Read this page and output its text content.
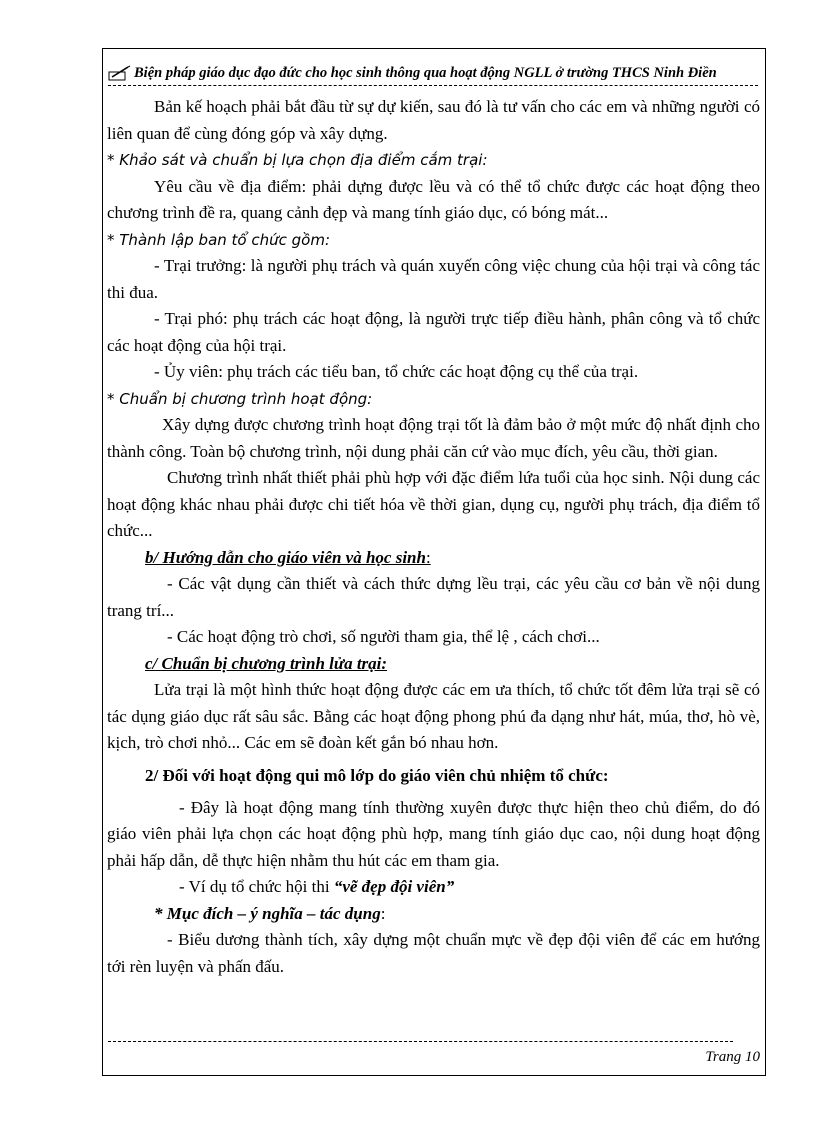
Biện pháp giáo dục đạo đức cho học sinh thông qua hoạt động NGLL ở trường THCS Ninh Điền

Bản kế hoạch phải bắt đầu từ sự dự kiến, sau đó là tư vấn cho các em và những người có liên quan để cùng đóng góp và xây dựng.

* Khảo sát và chuẩn bị lựa chọn địa điểm cắm trại:

Yêu cầu về địa điểm: phải dựng được lều và có thể tổ chức được các hoạt động theo chương trình đề ra, quang cảnh đẹp và mang tính giáo dục, có bóng mát...

* Thành lập ban tổ chức gồm:

- Trại trưởng: là người phụ trách và quán xuyến công việc chung của hội trại và công tác thi đua.

- Trại phó: phụ trách các hoạt động, là người trực tiếp điều hành, phân công và tổ chức các hoạt động của hội trại.

- Ủy viên: phụ trách các tiểu ban, tổ chức các hoạt động cụ thể của trại.

* Chuẩn bị chương trình hoạt động:

Xây dựng được chương trình hoạt động trại tốt là đảm bảo ở một mức độ nhất định cho thành công. Toàn bộ chương trình, nội dung phải căn cứ vào mục đích, yêu cầu, thời gian.

Chương trình nhất thiết phải phù hợp với đặc điểm lứa tuổi của học sinh. Nội dung các hoạt động khác nhau phải được chi tiết hóa về thời gian, dụng cụ, người phụ trách, địa điểm tổ chức...

b/ Hướng dẫn cho giáo viên và học sinh:

- Các vật dụng cần thiết và cách thức dựng lều trại, các yêu cầu cơ bản về nội dung trang trí...

- Các hoạt động trò chơi, số người tham gia, thể lệ , cách chơi...

c/ Chuẩn bị chương trình lửa trại:

Lửa trại là một hình thức hoạt động được các em ưa thích, tổ chức tốt đêm lửa trại sẽ có tác dụng giáo dục rất sâu sắc. Bằng các hoạt động phong phú đa dạng như hát, múa, thơ, hò vè, kịch, trò chơi nhỏ... Các em sẽ đoàn kết gắn bó nhau hơn.

2/ Đối với hoạt động qui mô lớp do giáo viên chủ nhiệm tổ chức:

- Đây là hoạt động mang tính thường xuyên được thực hiện theo chủ điểm, do đó giáo viên phải lựa chọn các hoạt động phù hợp, mang tính giáo dục cao, nội dung hoạt động phải hấp dẫn, dễ thực hiện nhằm thu hút các em tham gia.

- Ví dụ tổ chức hội thi “vẽ đẹp đội viên”

* Mục đích – ý nghĩa – tác dụng:

- Biểu dương thành tích, xây dựng một chuẩn mực về đẹp đội viên để các em hướng tới rèn luyện và phấn đấu.

Trang 10
